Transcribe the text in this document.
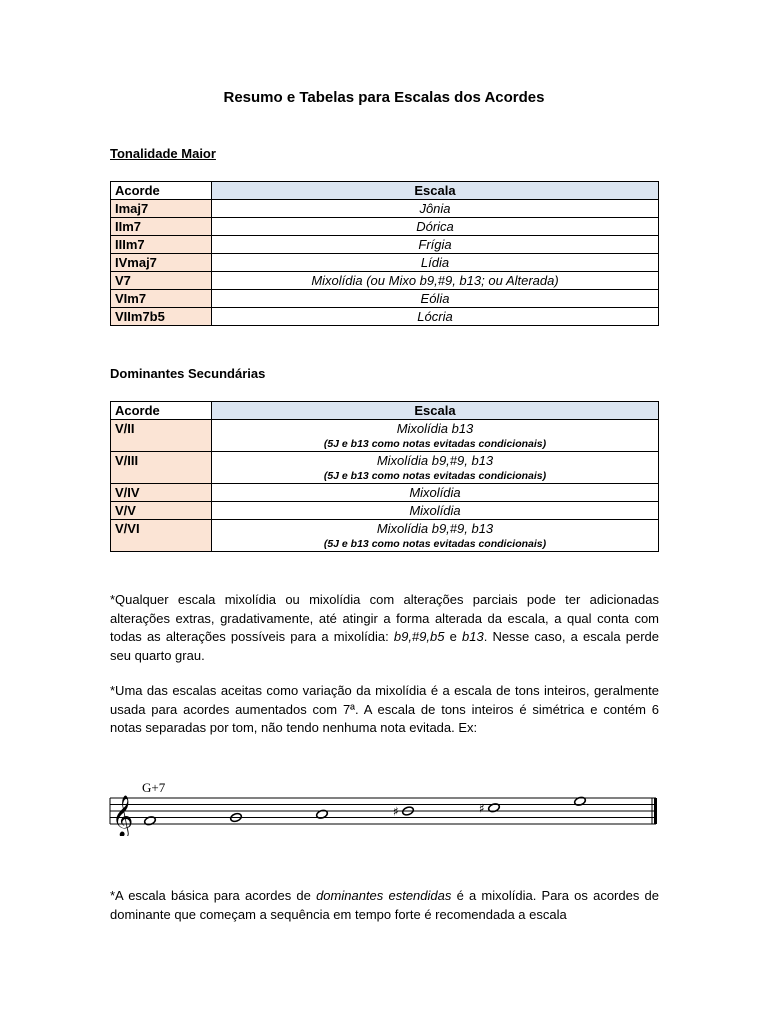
Resumo e Tabelas para Escalas dos Acordes
Tonalidade Maior
Acorde	Escala
Imaj7	Jônia
IIm7	Dórica
IIIm7	Frígia
IVmaj7	Lídia
V7	Mixolídia (ou Mixo b9,#9, b13; ou Alterada)
VIm7	Eólia
VIIm7b5	Lócria
Dominantes Secundárias
Acorde	Escala
V/II	Mixolídia b13
(5J e b13 como notas evitadas condicionais)

V/III	Mixolídia b9,#9, b13
(5J e b13 como notas evitadas condicionais)

V/IV	Mixolídia
V/V	Mixolídia
V/VI	Mixolídia b9,#9, b13
(5J e b13 como notas evitadas condicionais)
*Qualquer escala mixolídia ou mixolídia com alterações parciais pode ter adicionadas alterações extras, gradativamente, até atingir a forma alterada da escala, a qual conta com todas as alterações possíveis para a mixolídia: b9,#9,b5 e b13. Nesse caso, a escala perde seu quarto grau.
*Uma das escalas aceitas como variação da mixolídia é a escala de tons inteiros, geralmente usada para acordes aumentados com 7ª. A escala de tons inteiros é simétrica e contém 6 notas separadas por tom, não tendo nenhuma nota evitada. Ex:
G+7
𝄞	♯	♯
*A escala básica para acordes de dominantes estendidas é a mixolídia. Para os acordes de dominante que começam a sequência em tempo forte é recomendada a escala
